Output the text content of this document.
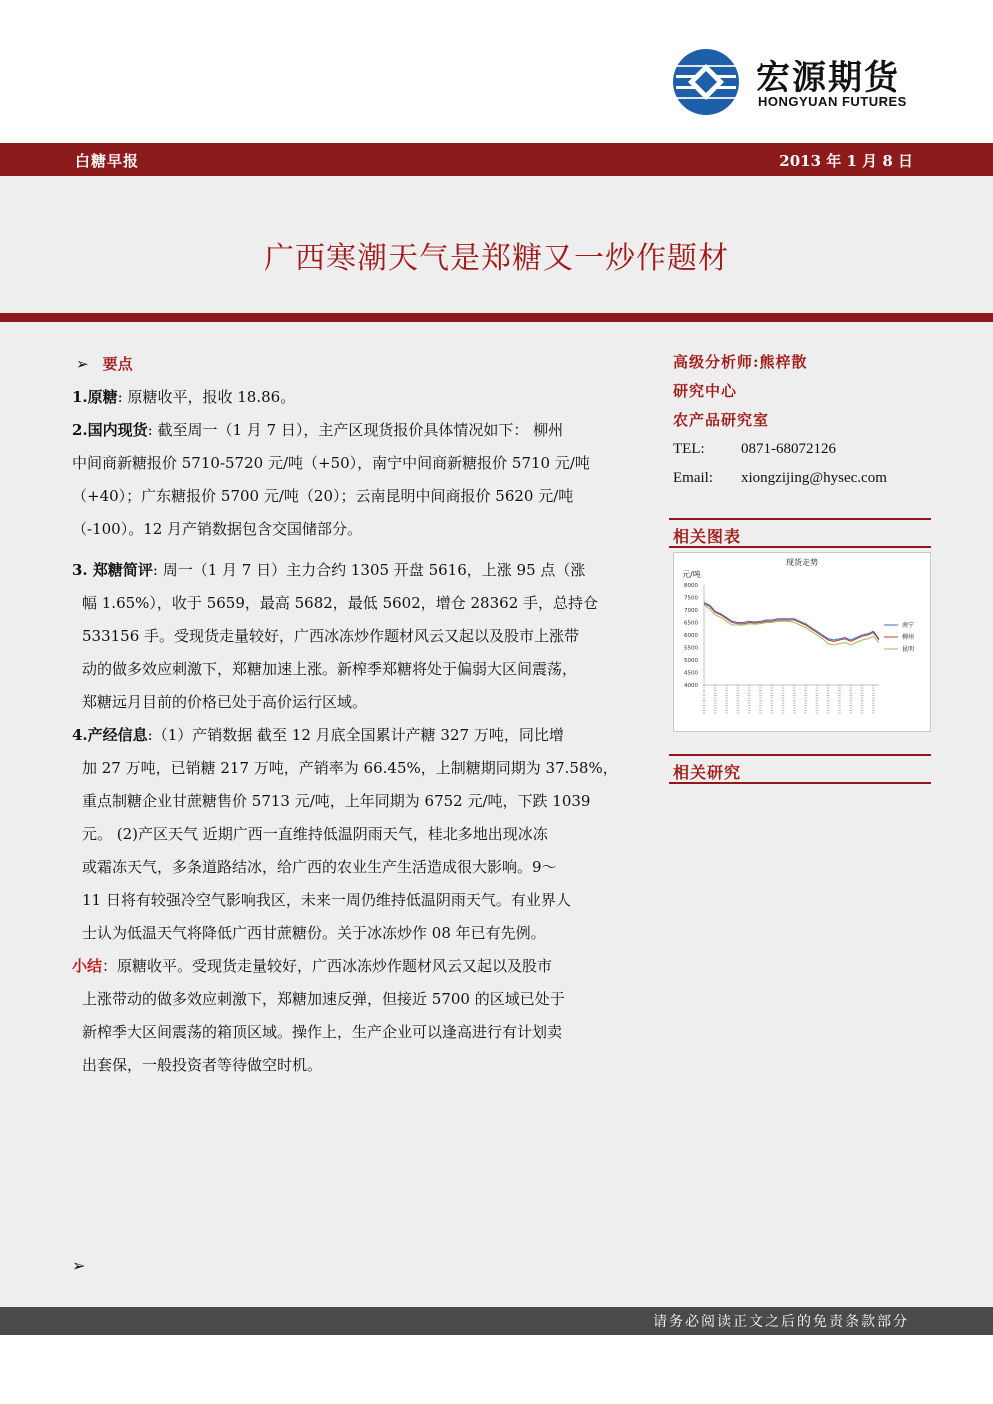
宏源期货
HONGYUAN FUTURES
白糖早报	2013 年 1 月 8 日
广西寒潮天气是郑糖又一炒作题材

➢ 要点

1.原糖: 原糖收平，报收 18.86。

2.国内现货: 截至周一（1 月 7 日），主产区现货报价具体情况如下： 柳州

中间商新糖报价 5710-5720 元/吨（+50），南宁中间商新糖报价 5710 元/吨

（+40）；广东糖报价 5700 元/吨（20）；云南昆明中间商报价 5620 元/吨

（-100）。12 月产销数据包含交国储部分。

3. 郑糖简评: 周一（1 月 7 日）主力合约 1305 开盘 5616，上涨 95 点（涨

幅 1.65%），收于 5659，最高 5682，最低 5602，增仓 28362 手，总持仓

533156 手。受现货走量较好，广西冰冻炒作题材风云又起以及股市上涨带

动的做多效应刺激下，郑糖加速上涨。新榨季郑糖将处于偏弱大区间震荡，

郑糖远月目前的价格已处于高价运行区域。

4.产经信息:（1）产销数据 截至 12 月底全国累计产糖 327 万吨，同比增

加 27 万吨，已销糖 217 万吨，产销率为 66.45%，上制糖期同期为 37.58%，

重点制糖企业甘蔗糖售价 5713 元/吨，上年同期为 6752 元/吨，下跌 1039

元。 (2)产区天气 近期广西一直维持低温阴雨天气，桂北多地出现冰冻

或霜冻天气，多条道路结冰，给广西的农业生产生活造成很大影响。9～

11 日将有较强冷空气影响我区，未来一周仍维持低温阴雨天气。有业界人

士认为低温天气将降低广西甘蔗糖份。关于冰冻炒作 08 年已有先例。

小结：原糖收平。受现货走量较好，广西冰冻炒作题材风云又起以及股市

上涨带动的做多效应刺激下，郑糖加速反弹，但接近 5700 的区域已处于

新榨季大区间震荡的箱顶区域。操作上，生产企业可以逢高进行有计划卖

出套保，一般投资者等待做空时机。

高级分析师:熊梓散
研究中心
农产品研究室
TEL: 0871-68072126
Email: xiongzijing@hysec.com
相关图表
现货走势
元/吨
4000
4500
5000
5500
6000
6500
7000
7500
8000
南宁
柳州
昆明
相关研究
➢
请务必阅读正文之后的免责条款部分
